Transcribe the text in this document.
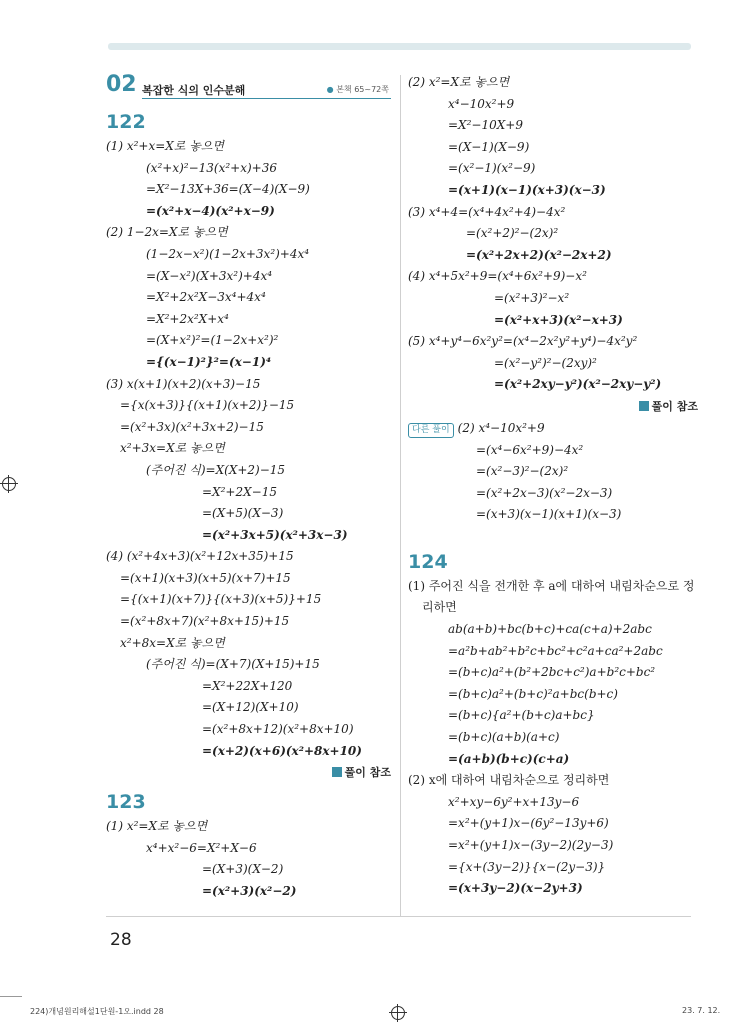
02 복잡한 식의 인수분해	● 본책 65~72쪽
122
(1) x²+x=X로 놓으면
(x²+x)²−13(x²+x)+36
=X²−13X+36=(X−4)(X−9)
=(x²+x−4)(x²+x−9)
(2) 1−2x=X로 놓으면
(1−2x−x²)(1−2x+3x²)+4x⁴
=(X−x²)(X+3x²)+4x⁴
=X²+2x²X−3x⁴+4x⁴
=X²+2x²X+x⁴
=(X+x²)²=(1−2x+x²)²
={(x−1)²}²=(x−1)⁴
(3) x(x+1)(x+2)(x+3)−15
={x(x+3)}{(x+1)(x+2)}−15
=(x²+3x)(x²+3x+2)−15
x²+3x=X로 놓으면
(주어진 식)=X(X+2)−15
=X²+2X−15
=(X+5)(X−3)
=(x²+3x+5)(x²+3x−3)
(4) (x²+4x+3)(x²+12x+35)+15
=(x+1)(x+3)(x+5)(x+7)+15
={(x+1)(x+7)}{(x+3)(x+5)}+15
=(x²+8x+7)(x²+8x+15)+15
x²+8x=X로 놓으면
(주어진 식)=(X+7)(X+15)+15
=X²+22X+120
=(X+12)(X+10)
=(x²+8x+12)(x²+8x+10)
=(x+2)(x+6)(x²+8x+10)
풀이 참조
123
(1) x²=X로 놓으면
x⁴+x²−6=X²+X−6
=(X+3)(X−2)
=(x²+3)(x²−2)
(2) x²=X로 놓으면
x⁴−10x²+9
=X²−10X+9
=(X−1)(X−9)
=(x²−1)(x²−9)
=(x+1)(x−1)(x+3)(x−3)
(3) x⁴+4=(x⁴+4x²+4)−4x²
=(x²+2)²−(2x)²
=(x²+2x+2)(x²−2x+2)
(4) x⁴+5x²+9=(x⁴+6x²+9)−x²
=(x²+3)²−x²
=(x²+x+3)(x²−x+3)
(5) x⁴+y⁴−6x²y²=(x⁴−2x²y²+y⁴)−4x²y²
=(x²−y²)²−(2xy)²
=(x²+2xy−y²)(x²−2xy−y²)
풀이 참조
다른 풀이 (2) x⁴−10x²+9
=(x⁴−6x²+9)−4x²
=(x²−3)²−(2x)²
=(x²+2x−3)(x²−2x−3)
=(x+3)(x−1)(x+1)(x−3)
124
(1) 주어진 식을 전개한 후 a에 대하여 내림차순으로 정
리하면
ab(a+b)+bc(b+c)+ca(c+a)+2abc
=a²b+ab²+b²c+bc²+c²a+ca²+2abc
=(b+c)a²+(b²+2bc+c²)a+b²c+bc²
=(b+c)a²+(b+c)²a+bc(b+c)
=(b+c){a²+(b+c)a+bc}
=(b+c)(a+b)(a+c)
=(a+b)(b+c)(c+a)
(2) x에 대하여 내림차순으로 정리하면
x²+xy−6y²+x+13y−6
=x²+(y+1)x−(6y²−13y+6)
=x²+(y+1)x−(3y−2)(2y−3)
={x+(3y−2)}{x−(2y−3)}
=(x+3y−2)(x−2y+3)
28
224)개념원리해설1단원-1오.indd 28	23. 7. 12.
